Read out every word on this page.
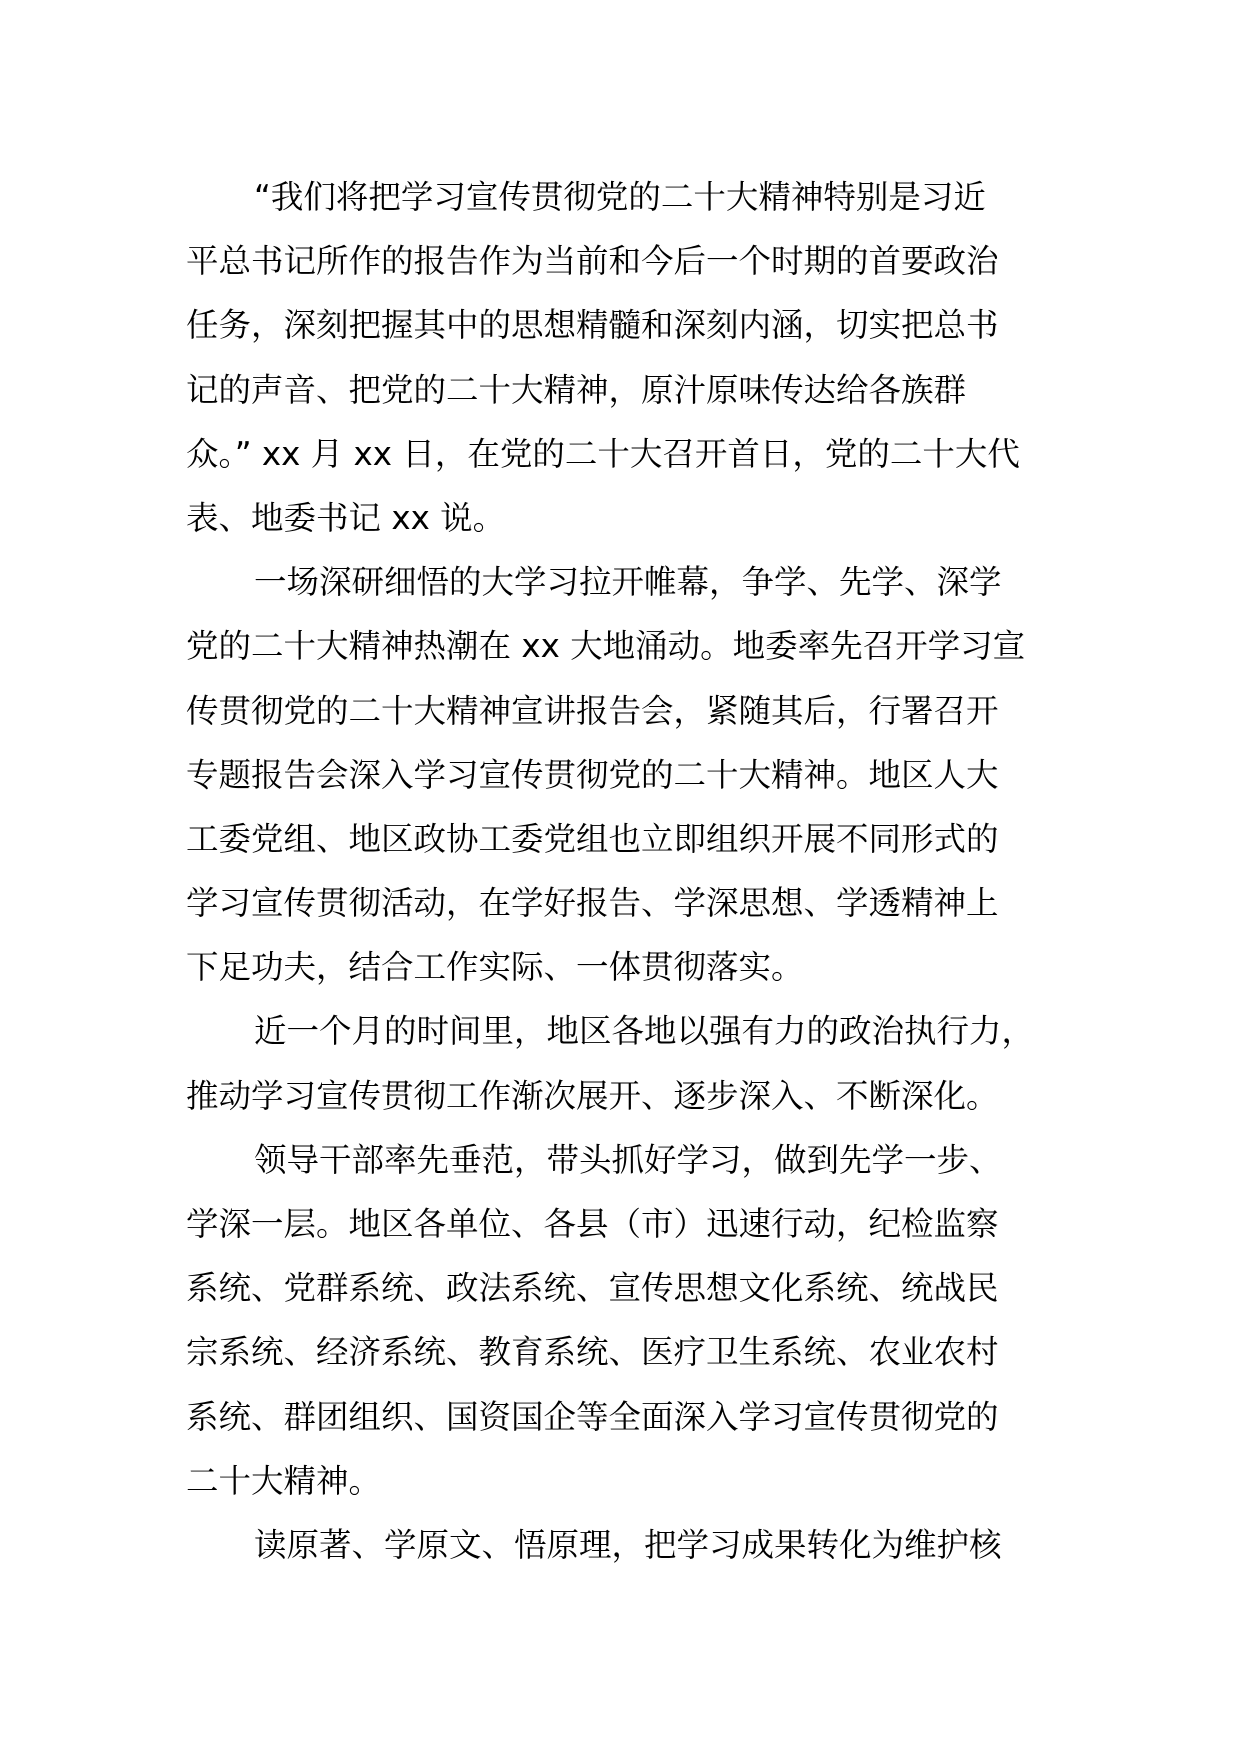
“我们将把学习宣传贯彻党的二十大精神特别是习近
平总书记所作的报告作为当前和今后一个时期的首要政治
任务，深刻把握其中的思想精髓和深刻内涵，切实把总书
记的声音、把党的二十大精神，原汁原味传达给各族群
众。” xx 月 xx 日，在党的二十大召开首日，党的二十大代
表、地委书记 xx 说。
一场深研细悟的大学习拉开帷幕，争学、先学、深学
党的二十大精神热潮在 xx 大地涌动。地委率先召开学习宣
传贯彻党的二十大精神宣讲报告会，紧随其后，行署召开
专题报告会深入学习宣传贯彻党的二十大精神。地区人大
工委党组、地区政协工委党组也立即组织开展不同形式的
学习宣传贯彻活动，在学好报告、学深思想、学透精神上
下足功夫，结合工作实际、一体贯彻落实。
近一个月的时间里，地区各地以强有力的政治执行力，
推动学习宣传贯彻工作渐次展开、逐步深入、不断深化。
领导干部率先垂范，带头抓好学习，做到先学一步、
学深一层。地区各单位、各县（市）迅速行动，纪检监察
系统、党群系统、政法系统、宣传思想文化系统、统战民
宗系统、经济系统、教育系统、医疗卫生系统、农业农村
系统、群团组织、国资国企等全面深入学习宣传贯彻党的
二十大精神。
读原著、学原文、悟原理，把学习成果转化为维护核
